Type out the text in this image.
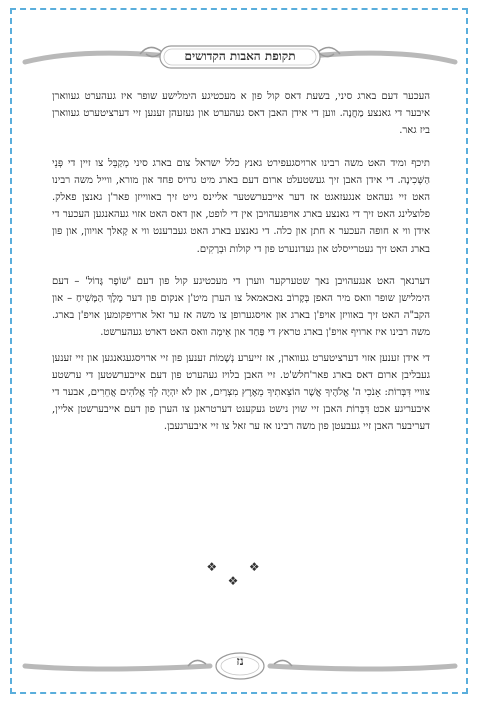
תקופת האבות הקדושים

העכער דעם בארג סיני, בשעת דאס קול פון א מעכטיגע הימלישע שופר איז געהערט געווארן איבער די גאנצע מַחֲנֶה. ווען די אידן האבן דאס געהערט און געזעהן זענען זיי דערציטערט געווארן ביז גאר.

תיכף ומיד האט משה רבינו ארויסגעפירט גאנץ כלל ישראל צום בארג סיני מְקַבֵּל צו זיין די פְּנֵי הַשְּׁכִינָה. די אידן האבן זיך געשטעלט ארום דעם בארג מיט גרויס פחד און מורא, ווייל משה רבינו האט זיי געהאט אנגעזאגט אז דער אייבערשטער אליינס גייט זיך באווייזן פאר'ן גאנצן פאלק. פלוצלינג האט זיך די גאנצע בארג אויפגעהויבן אין די לופט, און דאס האט אזוי געהאנגען העכער די אידן ווי א חופה העכער א חתן און כלה. די גאנצע בארג האט געברענט ווי א קָאלך אויוון, און פון בארג האט זיך געטרייסלט און געדונערט פון די קולות וּבְרָקִים.

דערנאך האט אנגעהויבן נאך שטערקער ווערן די מעכטיגע קול פון דעם 'שׁוֹפָר גָּדוֹל' – דעם הימלישן שופר וואס מיר האפן בְּקָרוֹב נאכאמאל צו הערן מיט'ן אנקום פון דער מֶלֶךְ הַמָּשִׁיחַ – און הקב"ה האט זיך באוויזן אויפ'ן בארג און אויסגערופן צו משה אז ער זאל ארויפקומען אויפ'ן בארג. משה רבינו איז ארויף אויפ'ן בארג טראץ די פַּחַד און אֵימָה וואס האט דארט געהערשט.

די אידן זענען אזוי דערציטערט געווארן, אז זייערע נְשָׁמוֹת זענען פון זיי ארויסגעגאנגען און זיי זענען געבליבן ארום דאס בארג פאר'חלש'ט. זיי האבן בלויז געהערט פון דעם אייבערשטען די ערשטע צוויי דִּבְּרוֹת: אָנֹכִי ה' אֱלֹהֶיךָ אֲשֶׁר הוֹצֵאתִיךָ מֵאֶרֶץ מִצְרַיִם, און לֹא יִהְיֶה לְךָ אֱלֹהִים אֲחֵרִים, אבער די איבעריגע אכט דִּבְּרוֹת האבן זיי שוין נישט געקענט דערטראגן צו הערן פון דעם אייבערשטן אליין, דעריבער האבן זיי געבעטן פון משה רבינו אז ער זאל צו זיי איבערגעבן.

❖ ❖ ❖
נז
